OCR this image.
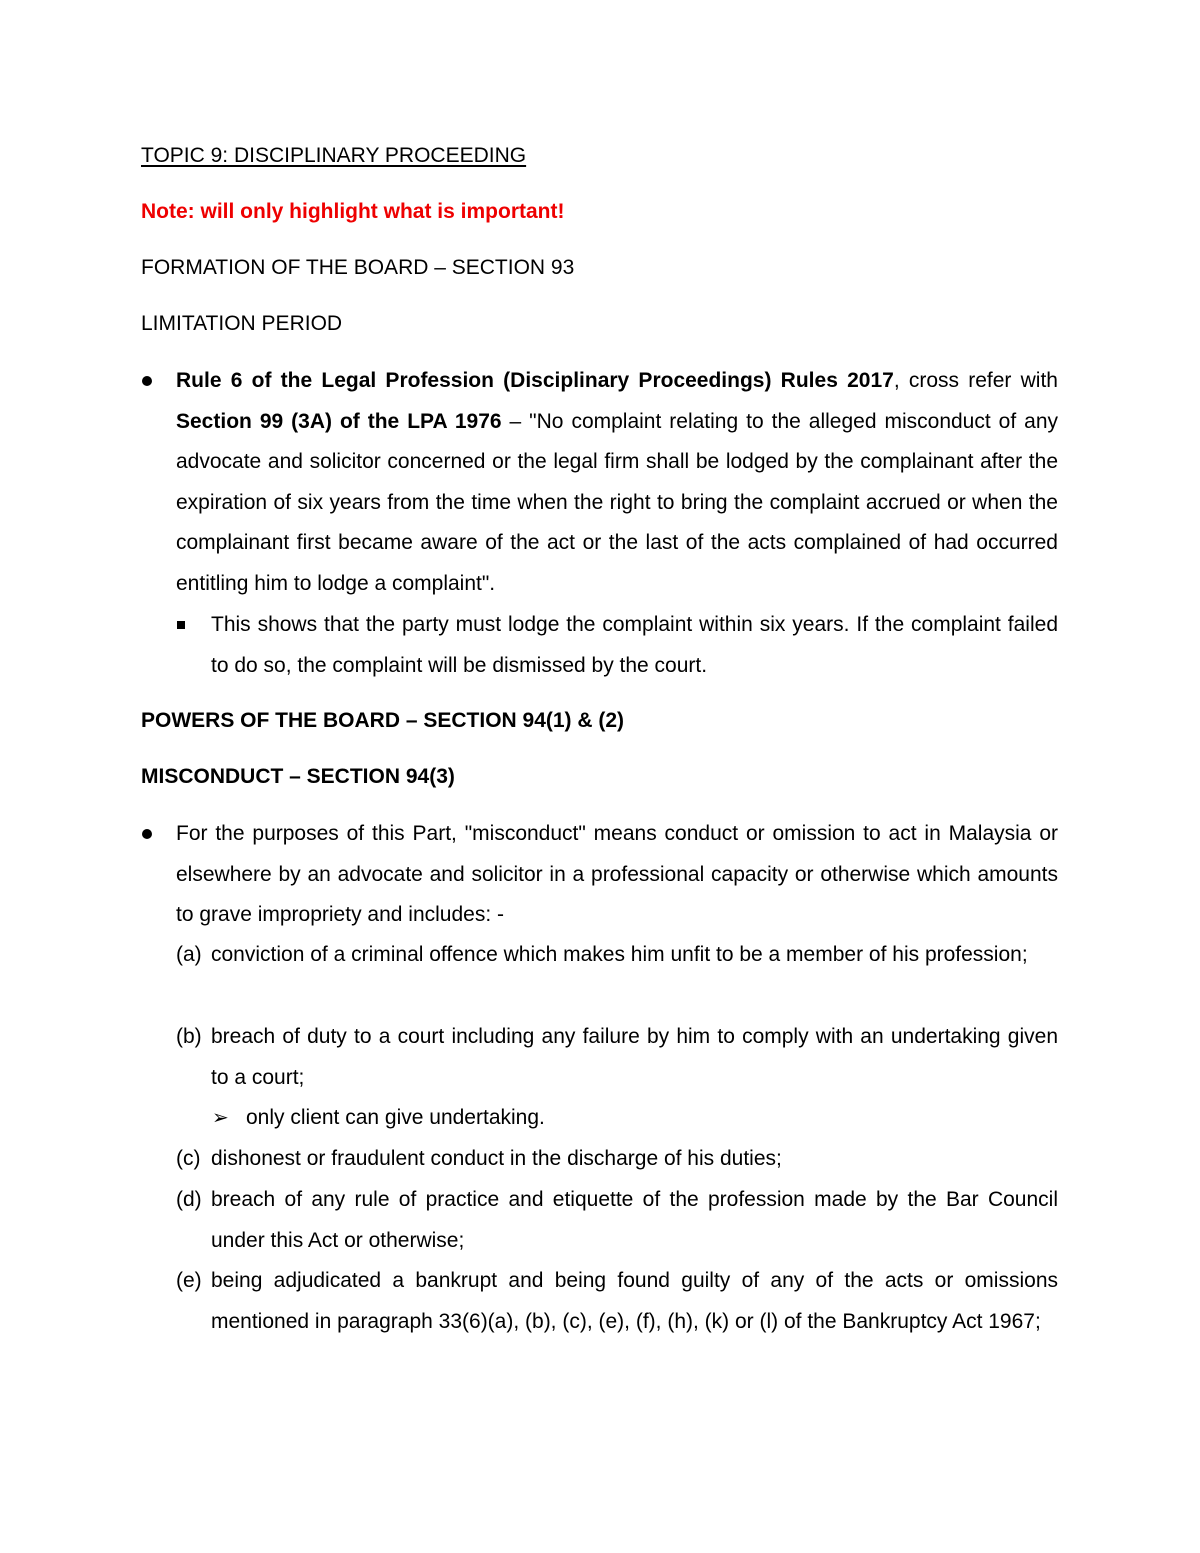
TOPIC 9: DISCIPLINARY PROCEEDING
Note: will only highlight what is important!
FORMATION OF THE BOARD – SECTION 93
LIMITATION PERIOD
Rule 6 of the Legal Profession (Disciplinary Proceedings) Rules 2017, cross refer with Section 99 (3A) of the LPA 1976 – "No complaint relating to the alleged misconduct of any advocate and solicitor concerned or the legal firm shall be lodged by the complainant after the expiration of six years from the time when the right to bring the complaint accrued or when the complainant first became aware of the act or the last of the acts complained of had occurred entitling him to lodge a complaint".
This shows that the party must lodge the complaint within six years. If the complaint failed to do so, the complaint will be dismissed by the court.
POWERS OF THE BOARD – SECTION 94(1) & (2)
MISCONDUCT – SECTION 94(3)
For the purposes of this Part, "misconduct" means conduct or omission to act in Malaysia or elsewhere by an advocate and solicitor in a professional capacity or otherwise which amounts to grave impropriety and includes: -
(a) conviction of a criminal offence which makes him unfit to be a member of his profession;
(b) breach of duty to a court including any failure by him to comply with an undertaking given to a court;
➢ only client can give undertaking.
(c) dishonest or fraudulent conduct in the discharge of his duties;
(d) breach of any rule of practice and etiquette of the profession made by the Bar Council under this Act or otherwise;
(e) being adjudicated a bankrupt and being found guilty of any of the acts or omissions mentioned in paragraph 33(6)(a), (b), (c), (e), (f), (h), (k) or (l) of the Bankruptcy Act 1967;
